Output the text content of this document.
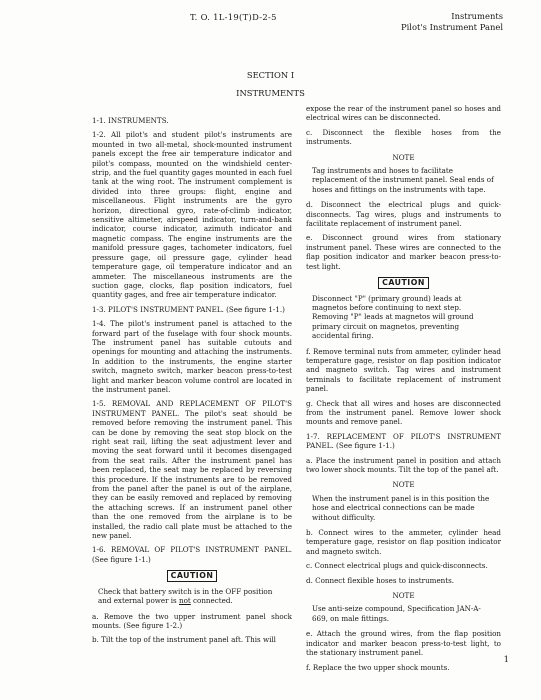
T. O. 1L-19(T)D-2-5	Instruments
Pilot's Instrument Panel
SECTION I
INSTRUMENTS

1-1. INSTRUMENTS.

1-2. All pilot's and student pilot's instruments are mounted in two all-metal, shock-mounted instrument panels except the free air temperature indicator and pilot's compass, mounted on the windshield center-strip, and the fuel quantity gages mounted in each fuel tank at the wing root. The instrument complement is divided into three groups: flight, engine and miscellaneous. Flight instruments are the gyro horizon, directional gyro, rate-of-climb indicator, sensitive altimeter, airspeed indicator, turn-and-bank indicator, course indicator, azimuth indicator and magnetic compass. The engine instruments are the manifold pressure gages, tachometer indicators, fuel pressure gage, oil pressure gage, cylinder head temperature gage, oil temperature indicator and an ammeter. The miscellaneous instruments are the suction gage, clocks, flap position indicators, fuel quantity gages, and free air temperature indicator.

1-3. PILOT'S INSTRUMENT PANEL. (See figure 1-1.)

1-4. The pilot's instrument panel is attached to the forward part of the fuselage with four shock mounts. The instrument panel has suitable cutouts and openings for mounting and attaching the instruments. In addition to the instruments, the engine starter switch, magneto switch, marker beacon press-to-test light and marker beacon volume control are located in the instrument panel.

1-5. REMOVAL AND REPLACEMENT OF PILOT'S INSTRUMENT PANEL. The pilot's seat should be removed before removing the instrument panel. This can be done by removing the seat stop block on the right seat rail, lifting the seat adjustment lever and moving the seat forward until it becomes disengaged from the seat rails. After the instrument panel has been replaced, the seat may be replaced by reversing this procedure. If the instruments are to be removed from the panel after the panel is out of the airplane, they can be easily removed and replaced by removing the attaching screws. If an instrument panel other than the one removed from the airplane is to be installed, the radio call plate must be attached to the new panel.

1-6. REMOVAL OF PILOT'S INSTRUMENT PANEL. (See figure 1-1.)

CAUTION
Check that battery switch is in the OFF position and external power is not connected.

a. Remove the two upper instrument panel shock mounts. (See figure 1-2.)

b. Tilt the top of the instrument panel aft. This will

expose the rear of the instrument panel so hoses and electrical wires can be disconnected.

c. Disconnect the flexible hoses from the instruments.

NOTE
Tag instruments and hoses to facilitate replacement of the instrument panel. Seal ends of hoses and fittings on the instruments with tape.

d. Disconnect the electrical plugs and quick-disconnects. Tag wires, plugs and instruments to facilitate replacement of instrument panel.

e. Disconnect ground wires from stationary instrument panel. These wires are connected to the flap position indicator and marker beacon press-to-test light.

CAUTION
Disconnect "P" (primary ground) leads at magnetos before continuing to next step. Removing "P" leads at magnetos will ground primary circuit on magnetos, preventing accidental firing.

f. Remove terminal nuts from ammeter, cylinder head temperature gage, resistor on flap position indicator and magneto switch. Tag wires and instrument terminals to facilitate replacement of instrument panel.

g. Check that all wires and hoses are disconnected from the instrument panel. Remove lower shock mounts and remove panel.

1-7. REPLACEMENT OF PILOT'S INSTRUMENT PANEL. (See figure 1-1.)

a. Place the instrument panel in position and attach two lower shock mounts. Tilt the top of the panel aft.

NOTE
When the instrument panel is in this position the hose and electrical connections can be made without difficulty.

b. Connect wires to the ammeter, cylinder head temperature gage, resistor on flap position indicator and magneto switch.

c. Connect electrical plugs and quick-disconnects.

d. Connect flexible hoses to instruments.

NOTE
Use anti-seize compound, Specification JAN-A-669, on male fittings.

e. Attach the ground wires, from the flap position indicator and marker beacon press-to-test light, to the stationary instrument panel.

f. Replace the two upper shock mounts.

1
